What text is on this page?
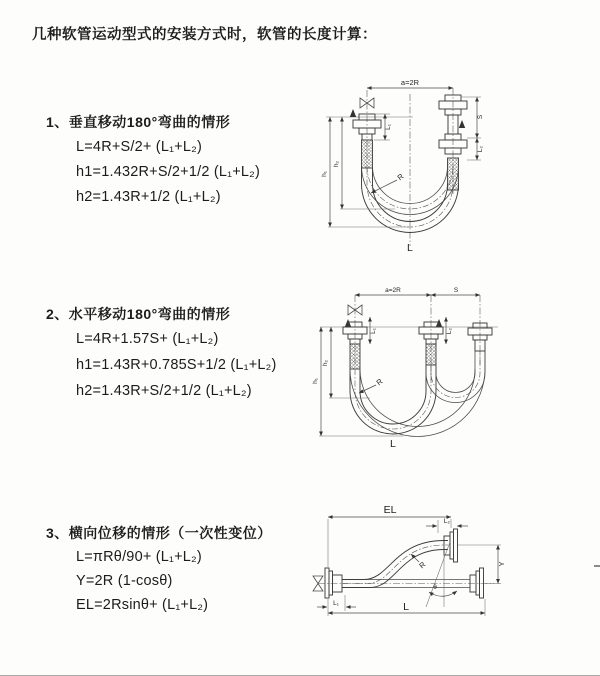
几种软管运动型式的安装方式时，软管的长度计算：
1、垂直移动180°弯曲的情形
L=4R+S/2+ (L₁+L₂)
h1=1.432R+S/2+1/2 (L₁+L₂)
h2=1.43R+1/2 (L₁+L₂)
2、水平移动180°弯曲的情形
L=4R+1.57S+ (L₁+L₂)
h1=1.43R+0.785S+1/2 (L₁+L₂)
h2=1.43R+S/2+1/2 (L₁+L₂)
3、横向位移的情形（一次性变位）
L=πRθ/90+ (L₁+L₂)
Y=2R (1-cosθ)
EL=2Rsinθ+ (L₁+L₂)
a=2R
h₁
h₂
L₁
S
L₂
R
L
a=2R	S
h₁
h₂
L₁	L₂
R
L
EL
L₂
θ
R	Y
L₁	L
